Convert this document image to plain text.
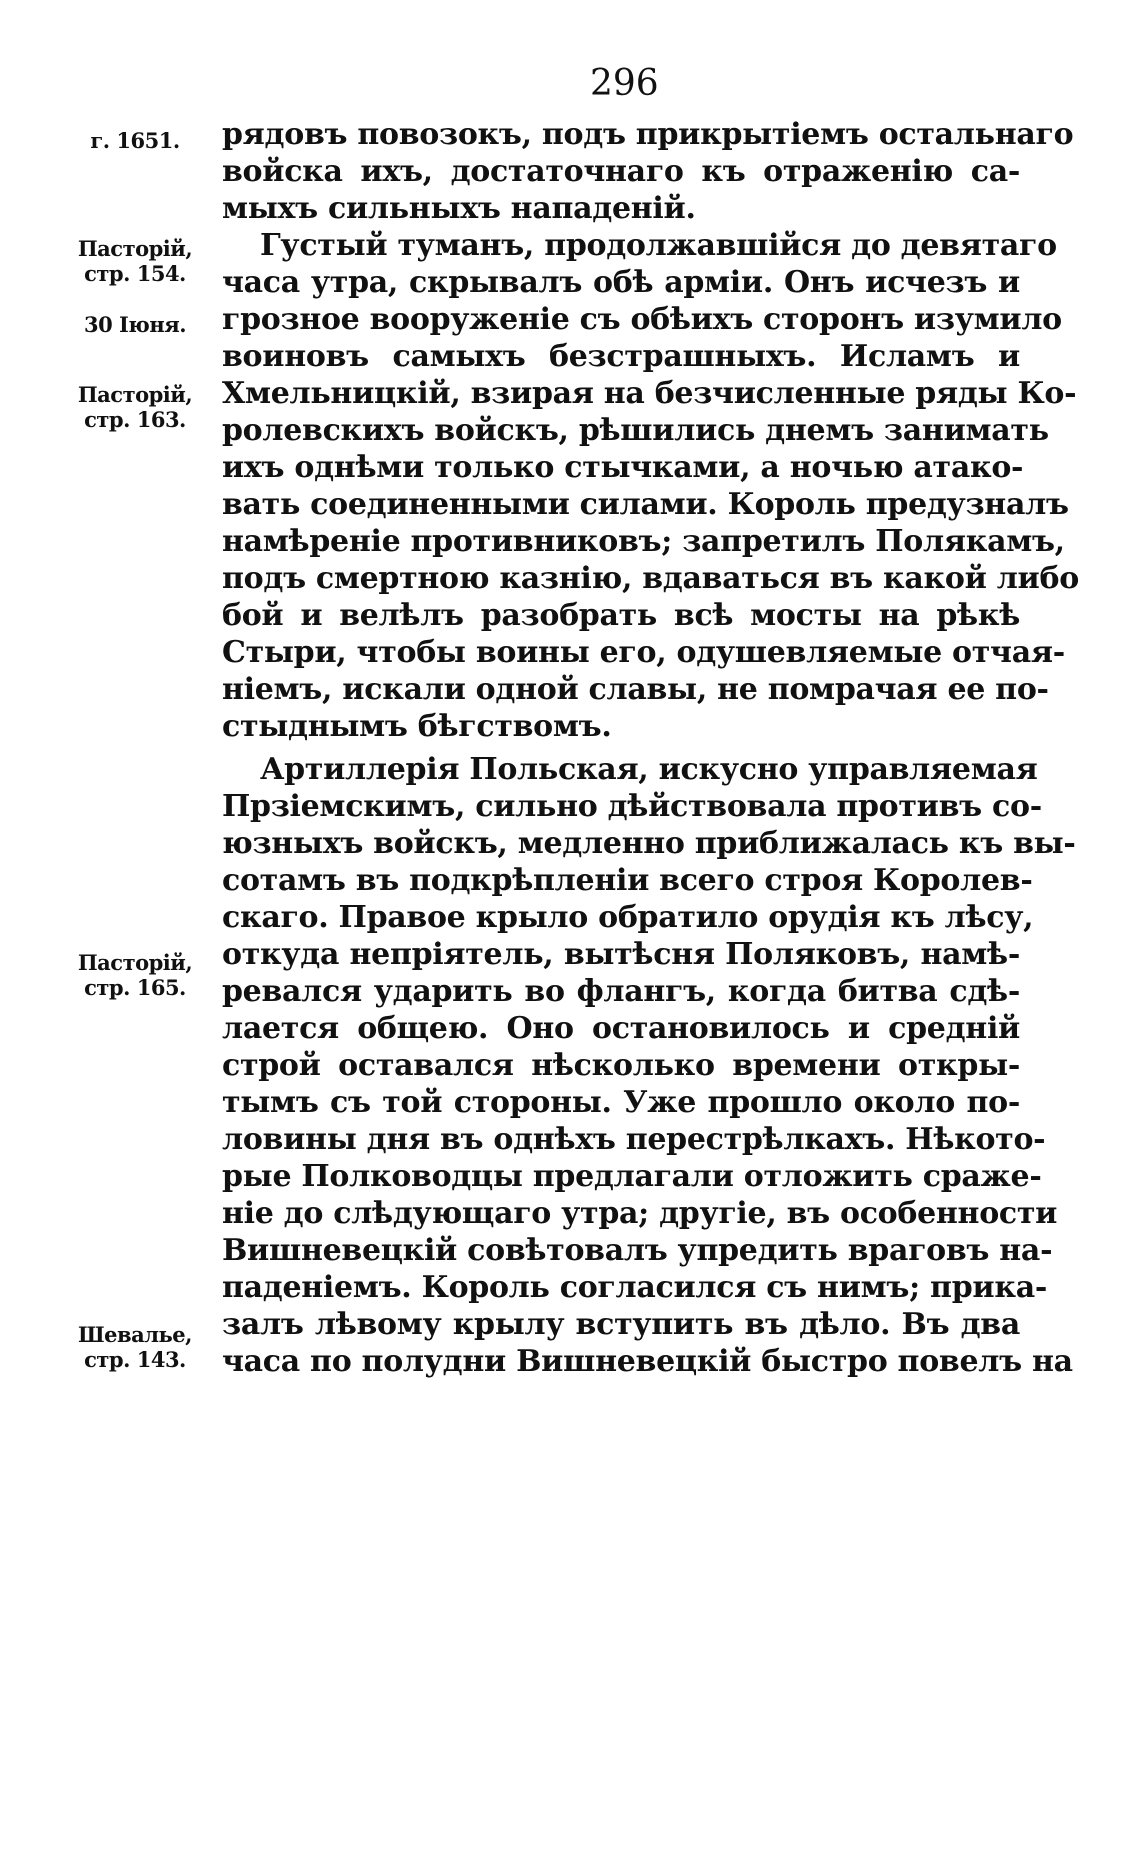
296
г. 1651.
Пасторій, стр. 154.
30 Іюня.
Пасторій, стр. 163.
Пасторій, стр. 165.
Шевалье, стр. 143.
рядовъ повозокъ, подъ прикрытіемъ остальнаго
войска ихъ, достаточнаго къ отраженію са-
мыхъ сильныхъ нападеній.
Густый туманъ, продолжавшійся до девятаго
часа утра, скрывалъ обѣ арміи. Онъ исчезъ и
грозное вооруженіе съ обѣихъ сторонъ изумило
воиновъ самыхъ безстрашныхъ. Исламъ и
Хмельницкій, взирая на безчисленные ряды Ко-
ролевскихъ войскъ, рѣшились днемъ занимать
ихъ однѣми только стычками, а ночью атако-
вать соединенными силами. Король предузналъ
намѣреніе противниковъ; запретилъ Полякамъ,
подъ смертною казнію, вдаваться въ какой либо
бой и велѣлъ разобрать всѣ мосты на рѣкѣ
Стыри, чтобы воины его, одушевляемые отчая-
ніемъ, искали одной славы, не помрачая ее по-
стыднымъ бѣгствомъ.
Артиллерія Польская, искусно управляемая
Прзіемскимъ, сильно дѣйствовала противъ со-
юзныхъ войскъ, медленно приближалась къ вы-
сотамъ въ подкрѣпленіи всего строя Королев-
скаго. Правое крыло обратило орудія къ лѣсу,
откуда непріятель, вытѣсня Поляковъ, намѣ-
ревался ударить во флангъ, когда битва сдѣ-
лается общею. Оно остановилось и средній
строй оставался нѣсколько времени откры-
тымъ съ той стороны. Уже прошло около по-
ловины дня въ однѣхъ перестрѣлкахъ. Нѣкото-
рые Полководцы предлагали отложить сраже-
ніе до слѣдующаго утра; другіе, въ особенности
Вишневецкій совѣтовалъ упредить враговъ на-
паденіемъ. Король согласился съ нимъ; прика-
залъ лѣвому крылу вступить въ дѣло. Въ два
часа по полудни Вишневецкій быстро повелъ на
